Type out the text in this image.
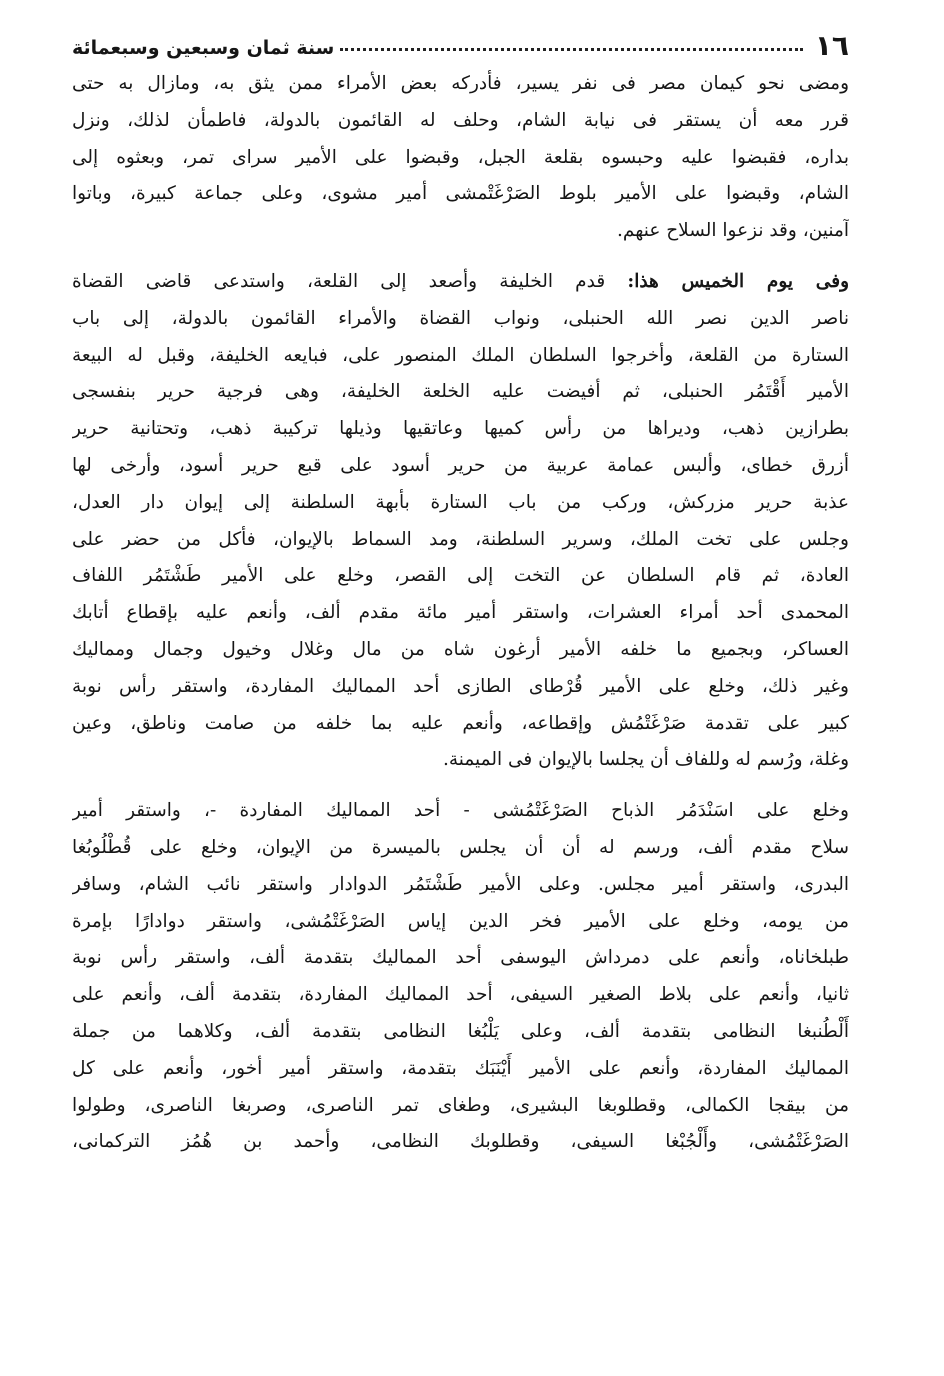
١٦
سنة ثمان وسبعين وسبعمائة
ومضى نحو كيمان مصر فى نفر يسير، فأدركه بعض الأمراء ممن يثق به، ومازال به حتى
قرر معه أن يستقر فى نيابة الشام، وحلف له القائمون بالدولة، فاطمأن لذلك، ونزل
بداره، فقبضوا عليه وحبسوه بقلعة الجبل، وقبضوا على الأمير سراى تمر، وبعثوه إلى
الشام، وقبضوا على الأمير بلوط الصَرْغَتْمشى أمير مشوى، وعلى جماعة كبيرة، وباتوا
آمنين، وقد نزعوا السلاح عنهم.
وفى يوم الخميس هذا: قدم الخليفة وأصعد إلى القلعة، واستدعى قاضى القضاة
ناصر الدين نصر الله الحنبلى، ونواب القضاة والأمراء القائمون بالدولة، إلى باب
الستارة من القلعة، وأخرجوا السلطان الملك المنصور على، فبايعه الخليفة، وقبل له البيعة
الأمير أَقْتَمُر الحنبلى، ثم أفيضت عليه الخلعة الخليفة، وهى فرجية حرير بنفسجى
بطرازين ذهب، وديراها من رأس كميها وعاتقيها وذيلها تركيبة ذهب، وتحتانية حرير
أزرق خطاى، وألبس عمامة عربية من حرير أسود على قبع حرير أسود، وأرخى لها
عذبة حرير مزركش، وركب من باب الستارة بأبهة السلطنة إلى إيوان دار العدل،
وجلس على تخت الملك، وسرير السلطنة، ومد السماط بالإيوان، فأكل من حضر على
العادة، ثم قام السلطان عن التخت إلى القصر، وخلع على الأمير طَشْتَمُر اللفاف
المحمدى أحد أمراء العشرات، واستقر أمير مائة مقدم ألف، وأنعم عليه بإقطاع أتابك
العساكر، وبجميع ما خلفه الأمير أرغون شاه من مال وغلال وخيول وجمال ومماليك
وغير ذلك، وخلع على الأمير قُرْطاى الطازى أحد المماليك المفاردة، واستقر رأس نوبة
كبير على تقدمة صَرْغَتْمُش وإقطاعه، وأنعم عليه بما خلفه من صامت وناطق، وعين
وغلة، ورُسم له وللفاف أن يجلسا بالإيوان فى الميمنة.
وخلع على اسَنْدَمُر الذباح الصَرْغَتْمُشى - أحد المماليك المفاردة -، واستقر أمير
سلاح مقدم ألف، ورسم له أن أن يجلس بالميسرة من الإيوان، وخلع على قُطْلُوبُغا
البدرى، واستقر أمير مجلس. وعلى الأمير طَشْتَمُر الدوادار واستقر نائب الشام، وسافر
من يومه، وخلع على الأمير فخر الدين إياس الصَرْغَتْمُشى، واستقر دوادارًا بإمرة
طبلخاناه، وأنعم على دمرداش اليوسفى أحد المماليك بتقدمة ألف، واستقر رأس نوبة
ثانيا، وأنعم على بلاط الصغير السيفى، أحد المماليك المفاردة، بتقدمة ألف، وأنعم على
أَلْطُنبغا النظامى بتقدمة ألف، وعلى يَلْبُغا النظامى بتقدمة ألف، وكلاهما من جملة
المماليك المفاردة، وأنعم على الأمير أَيْنَبَك بتقدمة، واستقر أمير أخور، وأنعم على كل
من بيقجا الكمالى، وقطلوبغا البشيرى، وطغاى تمر الناصرى، وصربغا الناصرى، وطولوا
الصَرْغَتْمُشى، وأَلْجُبْغا السيفى، وقطلوبك النظامى، وأحمد بن هُمُز التركمانى،
